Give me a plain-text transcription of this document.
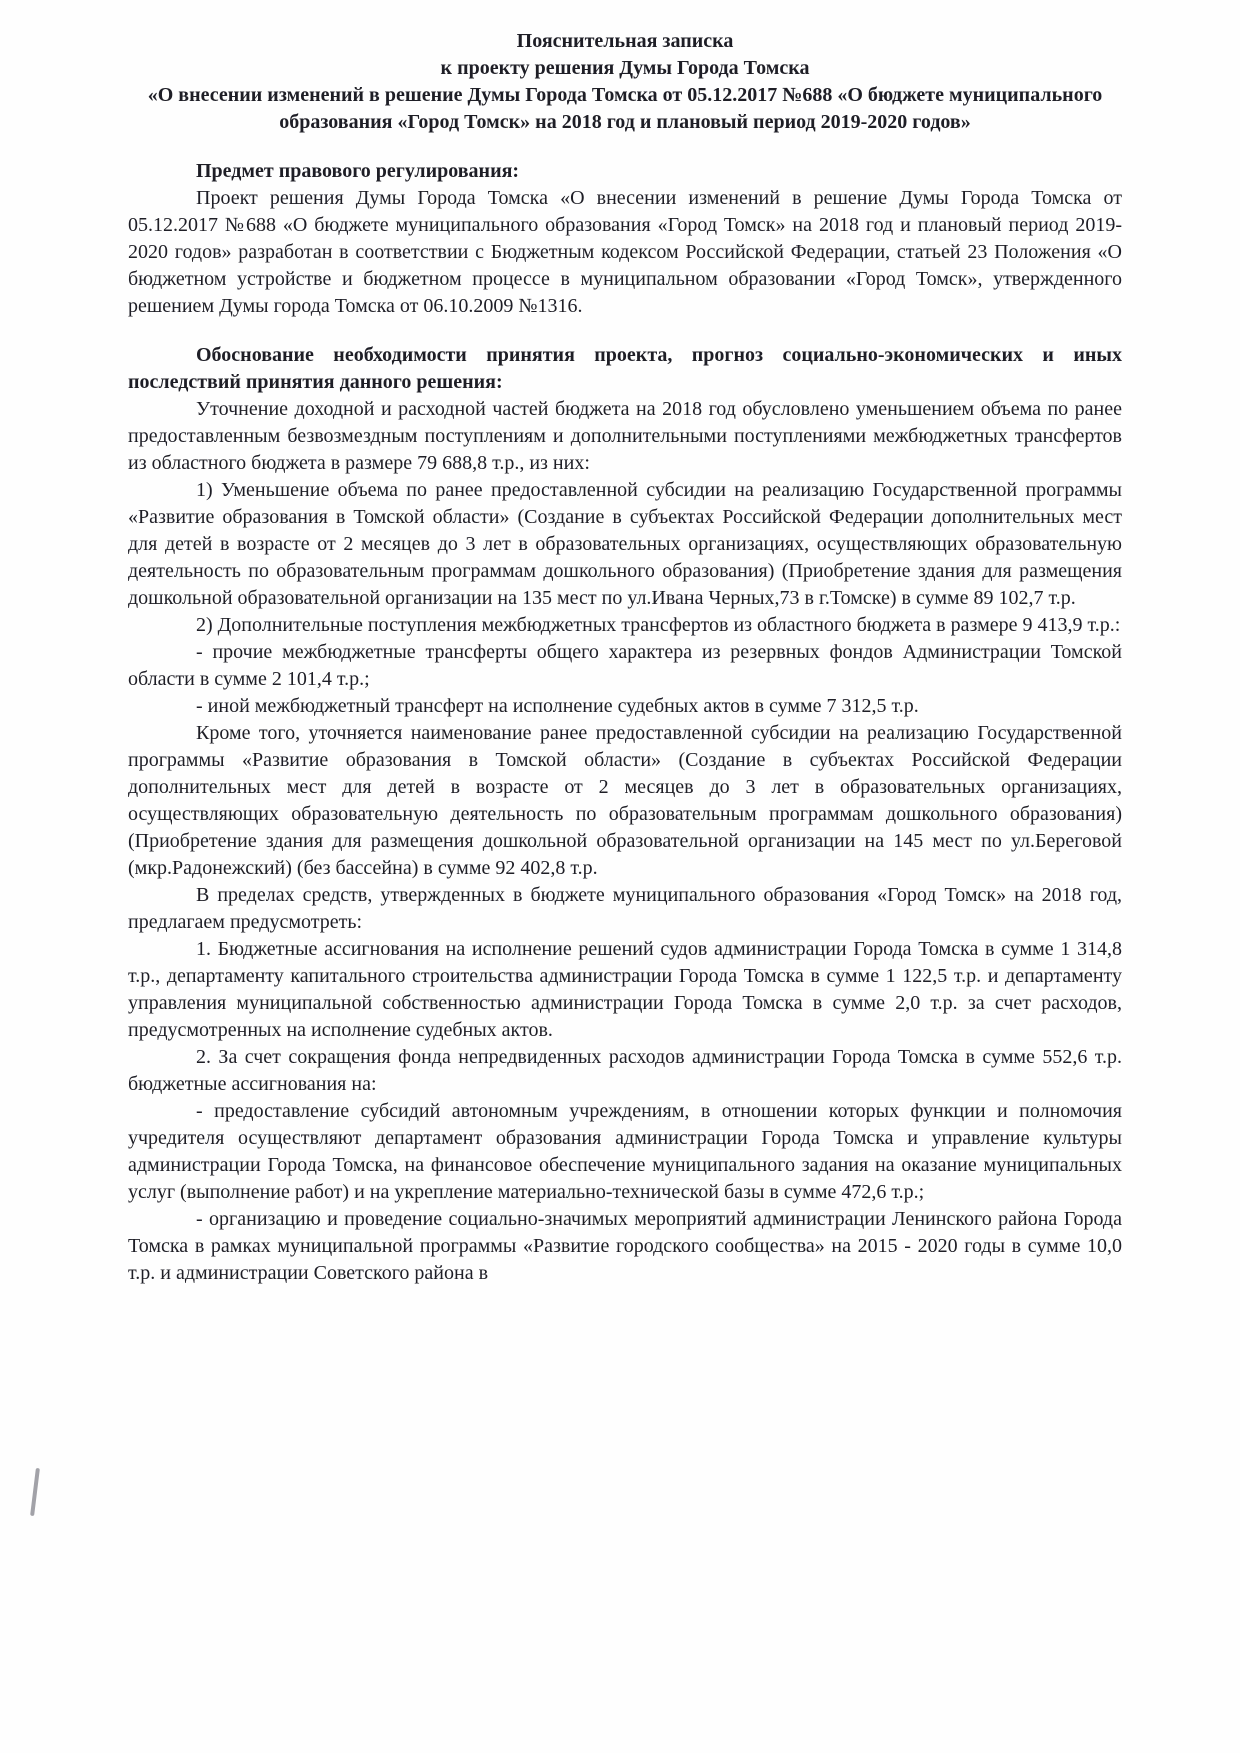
Пояснительная записка
к проекту решения Думы Города Томска
«О внесении изменений в решение Думы Города Томска от 05.12.2017 №688 «О бюджете муниципального образования «Город Томск» на 2018 год и плановый период 2019-2020 годов»

Предмет правового регулирования:

Проект решения Думы Города Томска «О внесении изменений в решение Думы Города Томска от 05.12.2017 №688 «О бюджете муниципального образования «Город Томск» на 2018 год и плановый период 2019-2020 годов» разработан в соответствии с Бюджетным кодексом Российской Федерации, статьей 23 Положения «О бюджетном устройстве и бюджетном процессе в муниципальном образовании «Город Томск», утвержденного решением Думы города Томска от 06.10.2009 №1316.

Обоснование необходимости принятия проекта, прогноз социально-экономических и иных последствий принятия данного решения:

Уточнение доходной и расходной частей бюджета на 2018 год обусловлено уменьшением объема по ранее предоставленным безвозмездным поступлениям и дополнительными поступлениями межбюджетных трансфертов из областного бюджета в размере 79 688,8 т.р., из них:

1) Уменьшение объема по ранее предоставленной субсидии на реализацию Государственной программы «Развитие образования в Томской области» (Создание в субъектах Российской Федерации дополнительных мест для детей в возрасте от 2 месяцев до 3 лет в образовательных организациях, осуществляющих образовательную деятельность по образовательным программам дошкольного образования) (Приобретение здания для размещения дошкольной образовательной организации на 135 мест по ул.Ивана Черных,73 в г.Томске) в сумме 89 102,7 т.р.

2) Дополнительные поступления межбюджетных трансфертов из областного бюджета в размере 9 413,9 т.р.:

- прочие межбюджетные трансферты общего характера из резервных фондов Администрации Томской области в сумме 2 101,4 т.р.;

- иной межбюджетный трансферт на исполнение судебных актов в сумме 7 312,5 т.р.

Кроме того, уточняется наименование ранее предоставленной субсидии на реализацию Государственной программы «Развитие образования в Томской области» (Создание в субъектах Российской Федерации дополнительных мест для детей в возрасте от 2 месяцев до 3 лет в образовательных организациях, осуществляющих образовательную деятельность по образовательным программам дошкольного образования) (Приобретение здания для размещения дошкольной образовательной организации на 145 мест по ул.Береговой (мкр.Радонежский) (без бассейна) в сумме 92 402,8 т.р.

В пределах средств, утвержденных в бюджете муниципального образования «Город Томск» на 2018 год, предлагаем предусмотреть:

1. Бюджетные ассигнования на исполнение решений судов администрации Города Томска в сумме 1 314,8 т.р., департаменту капитального строительства администрации Города Томска в сумме 1 122,5 т.р. и департаменту управления муниципальной собственностью администрации Города Томска в сумме 2,0 т.р. за счет расходов, предусмотренных на исполнение судебных актов.

2. За счет сокращения фонда непредвиденных расходов администрации Города Томска в сумме 552,6 т.р. бюджетные ассигнования на:

- предоставление субсидий автономным учреждениям, в отношении которых функции и полномочия учредителя осуществляют департамент образования администрации Города Томска и управление культуры администрации Города Томска, на финансовое обеспечение муниципального задания на оказание муниципальных услуг (выполнение работ) и на укрепление материально-технической базы в сумме 472,6 т.р.;

- организацию и проведение социально-значимых мероприятий администрации Ленинского района Города Томска в рамках муниципальной программы «Развитие городского сообщества» на 2015 - 2020 годы в сумме 10,0 т.р. и администрации Советского района в
